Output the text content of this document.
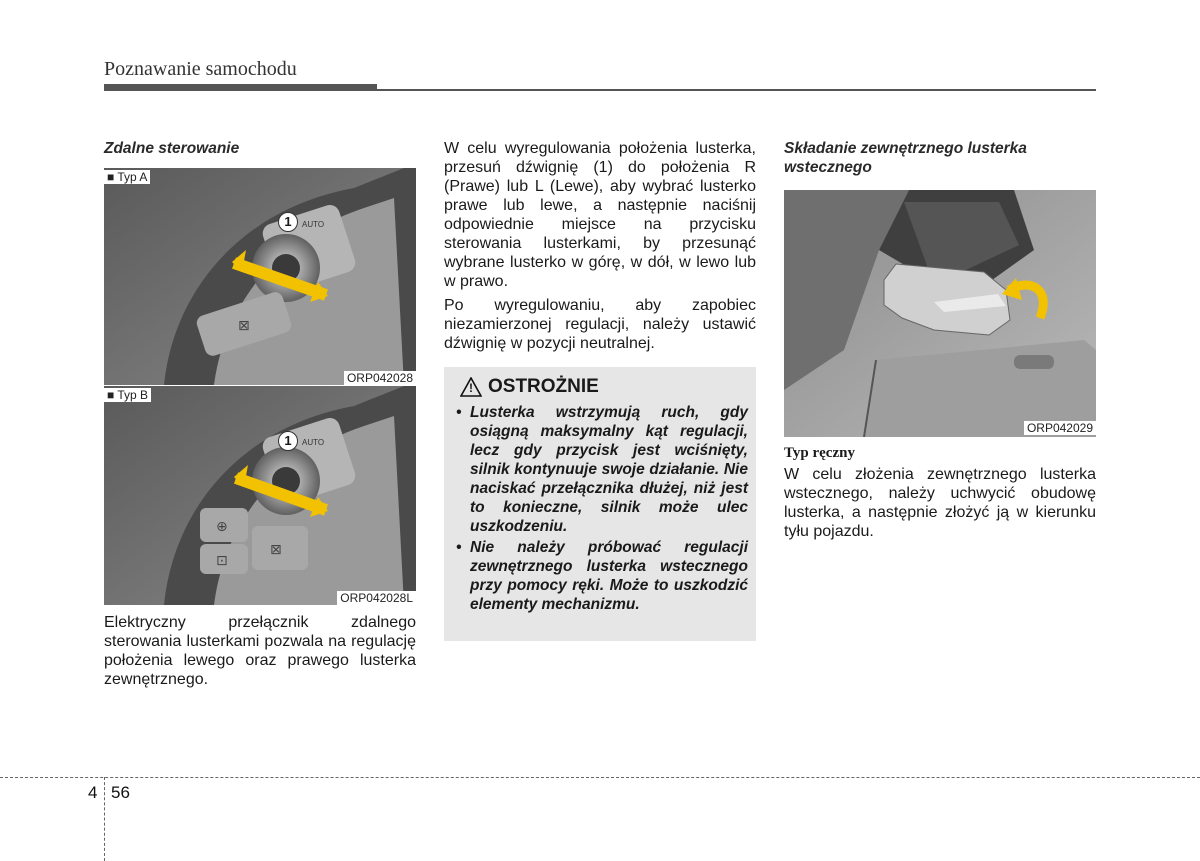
Poznawanie samochodu
Zdalne sterowanie
⊠
1	AUTO
■ Typ A
ORP042028
⊕
⊡
⊠
1	AUTO
■ Typ B
ORP042028L

Elektryczny przełącznik zdalnego sterowania lusterkami pozwala na regulację położenia lewego oraz prawego lusterka zewnętrznego.

W celu wyregulowania położenia lusterka, przesuń dźwignię (1) do położenia R (Prawe) lub L (Lewe), aby wybrać lusterko prawe lub lewe, a następnie naciśnij odpowiednie miejsce na przycisku sterowania lusterkami, by przesunąć wybrane lusterko w górę, w dół, w lewo lub w prawo.

Po wyregulowaniu, aby zapobiec niezamierzonej regulacji, należy ustawić dźwignię w pozycji neutralnej.

! OSTROŻNIE
• Lusterka wstrzymują ruch, gdy osiągną maksymalny kąt regulacji, lecz gdy przycisk jest wciśnięty, silnik kontynuuje swoje działanie. Nie naciskać przełącznika dłużej, niż jest to konieczne, silnik może ulec uszkodzeniu.
• Nie należy próbować regulacji zewnętrznego lusterka wstecznego przy pomocy ręki. Może to uszkodzić elementy mechanizmu.
Składanie zewnętrznego lusterka wstecznego
ORP042029
Typ ręczny

W celu złożenia zewnętrznego lusterka wstecznego, należy uchwycić obudowę lusterka, a następnie złożyć ją w kierunku tyłu pojazdu.

4 56
